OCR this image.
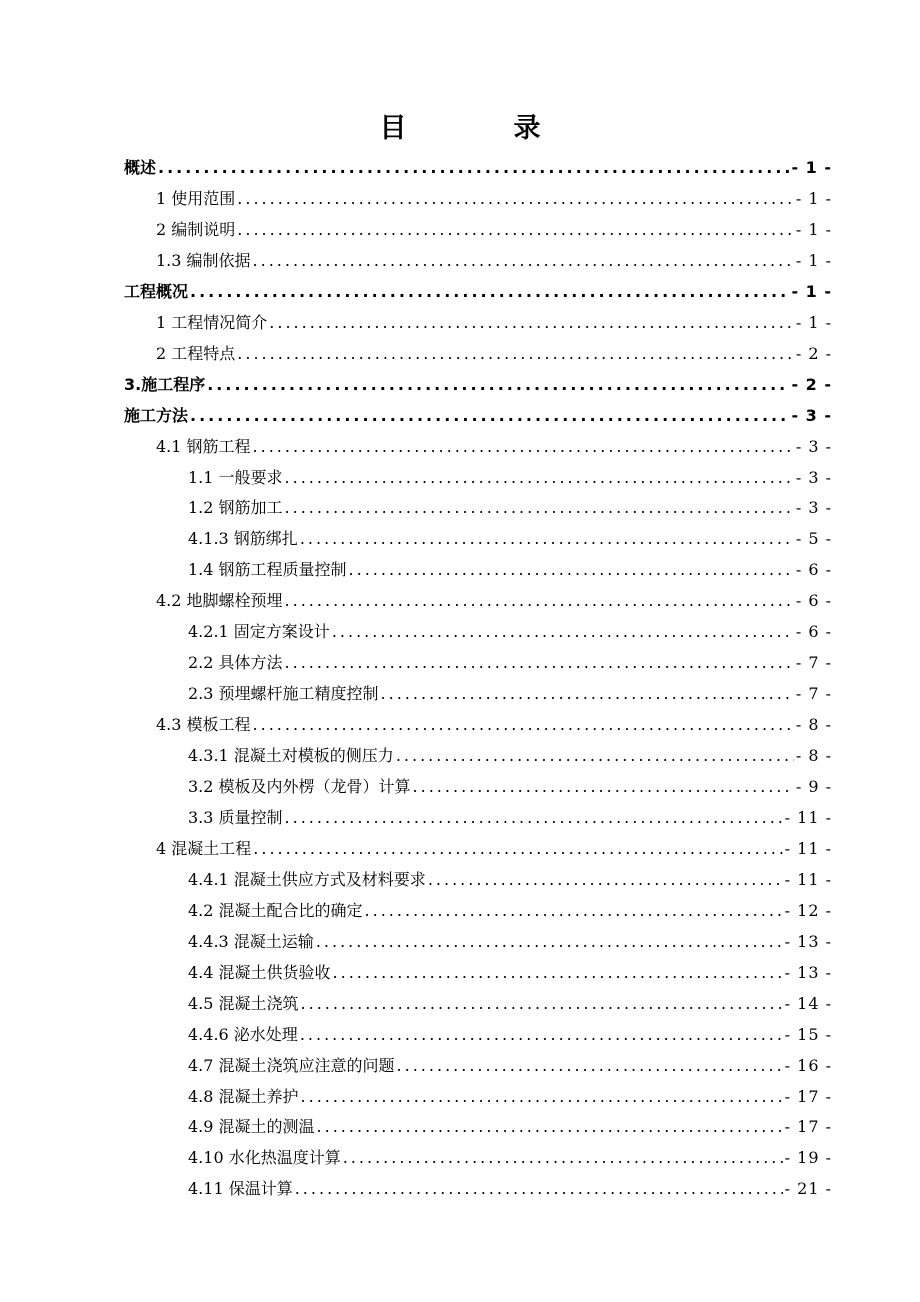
目　录
概述 .....	- 1 -
1 使用范围 .....	- 1 -
2 编制说明 .....	- 1 -
1.3 编制依据 .....	- 1 -
工程概况 .....	- 1 -
1 工程情况简介 .....	- 1 -
2 工程特点 .....	- 2 -
3.施工程序 .....	- 2 -
施工方法 .....	- 3 -
4.1 钢筋工程 .....	- 3 -
1.1 一般要求 .....	- 3 -
1.2 钢筋加工 .....	- 3 -
4.1.3 钢筋绑扎 .....	- 5 -
1.4 钢筋工程质量控制 .....	- 6 -
4.2 地脚螺栓预埋 .....	- 6 -
4.2.1 固定方案设计 .....	- 6 -
2.2 具体方法 .....	- 7 -
2.3 预埋螺杆施工精度控制 .....	- 7 -
4.3 模板工程 .....	- 8 -
4.3.1 混凝土对模板的侧压力 .....	- 8 -
3.2 模板及内外楞（龙骨）计算 .....	- 9 -
3.3 质量控制 .....	- 11 -
4 混凝土工程 .....	- 11 -
4.4.1 混凝土供应方式及材料要求 .....	- 11 -
4.2 混凝土配合比的确定 .....	- 12 -
4.4.3 混凝土运输 .....	- 13 -
4.4 混凝土供货验收 .....	- 13 -
4.5 混凝土浇筑 .....	- 14 -
4.4.6 泌水处理 .....	- 15 -
4.7 混凝土浇筑应注意的问题 .....	- 16 -
4.8 混凝土养护 .....	- 17 -
4.9 混凝土的测温 .....	- 17 -
4.10 水化热温度计算 .....	- 19 -
4.11 保温计算 .....	- 21 -
